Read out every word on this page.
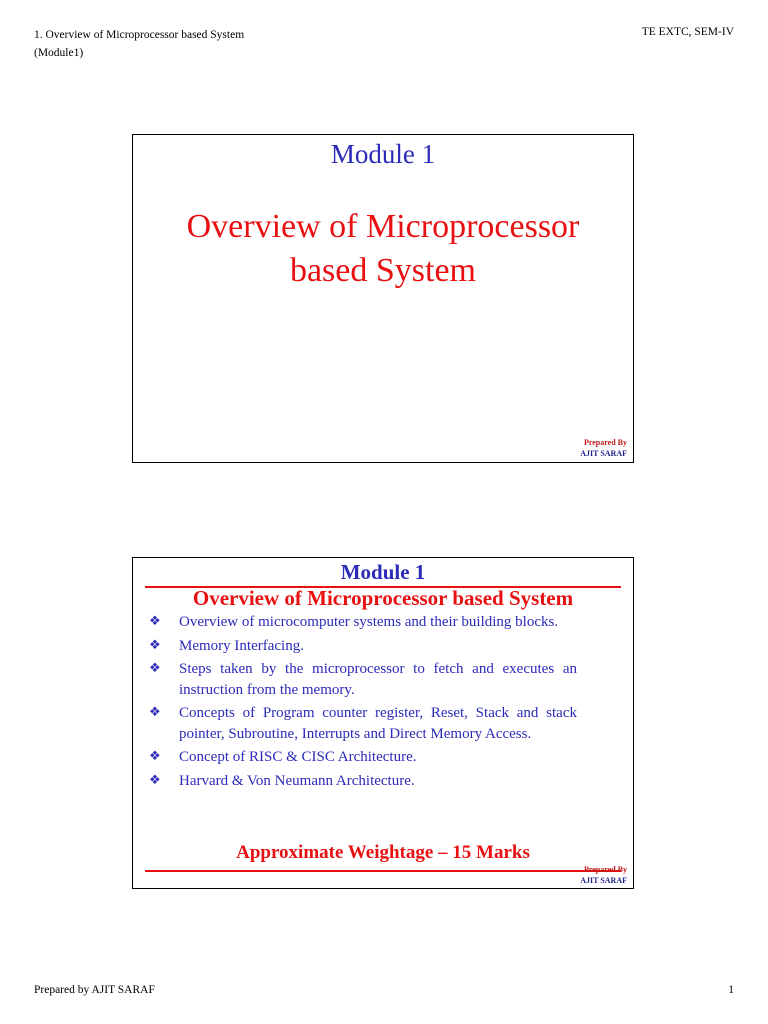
1. Overview of Microprocessor based System
(Module1)
TE EXTC, SEM-IV
Module 1
Overview of Microprocessor
based System
Prepared By
AJIT SARAF
Module 1
Overview of Microprocessor based System
❖ Overview of microcomputer systems and their building blocks.
❖ Memory Interfacing.
❖ Steps taken by the microprocessor to fetch and executes an instruction from the memory.
❖ Concepts of Program counter register, Reset, Stack and stack pointer, Subroutine, Interrupts and Direct Memory Access.
❖ Concept of RISC & CISC Architecture.
❖ Harvard & Von Neumann Architecture.
Approximate Weightage – 15 Marks
Prepared By
AJIT SARAF
Prepared by AJIT SARAF	1
